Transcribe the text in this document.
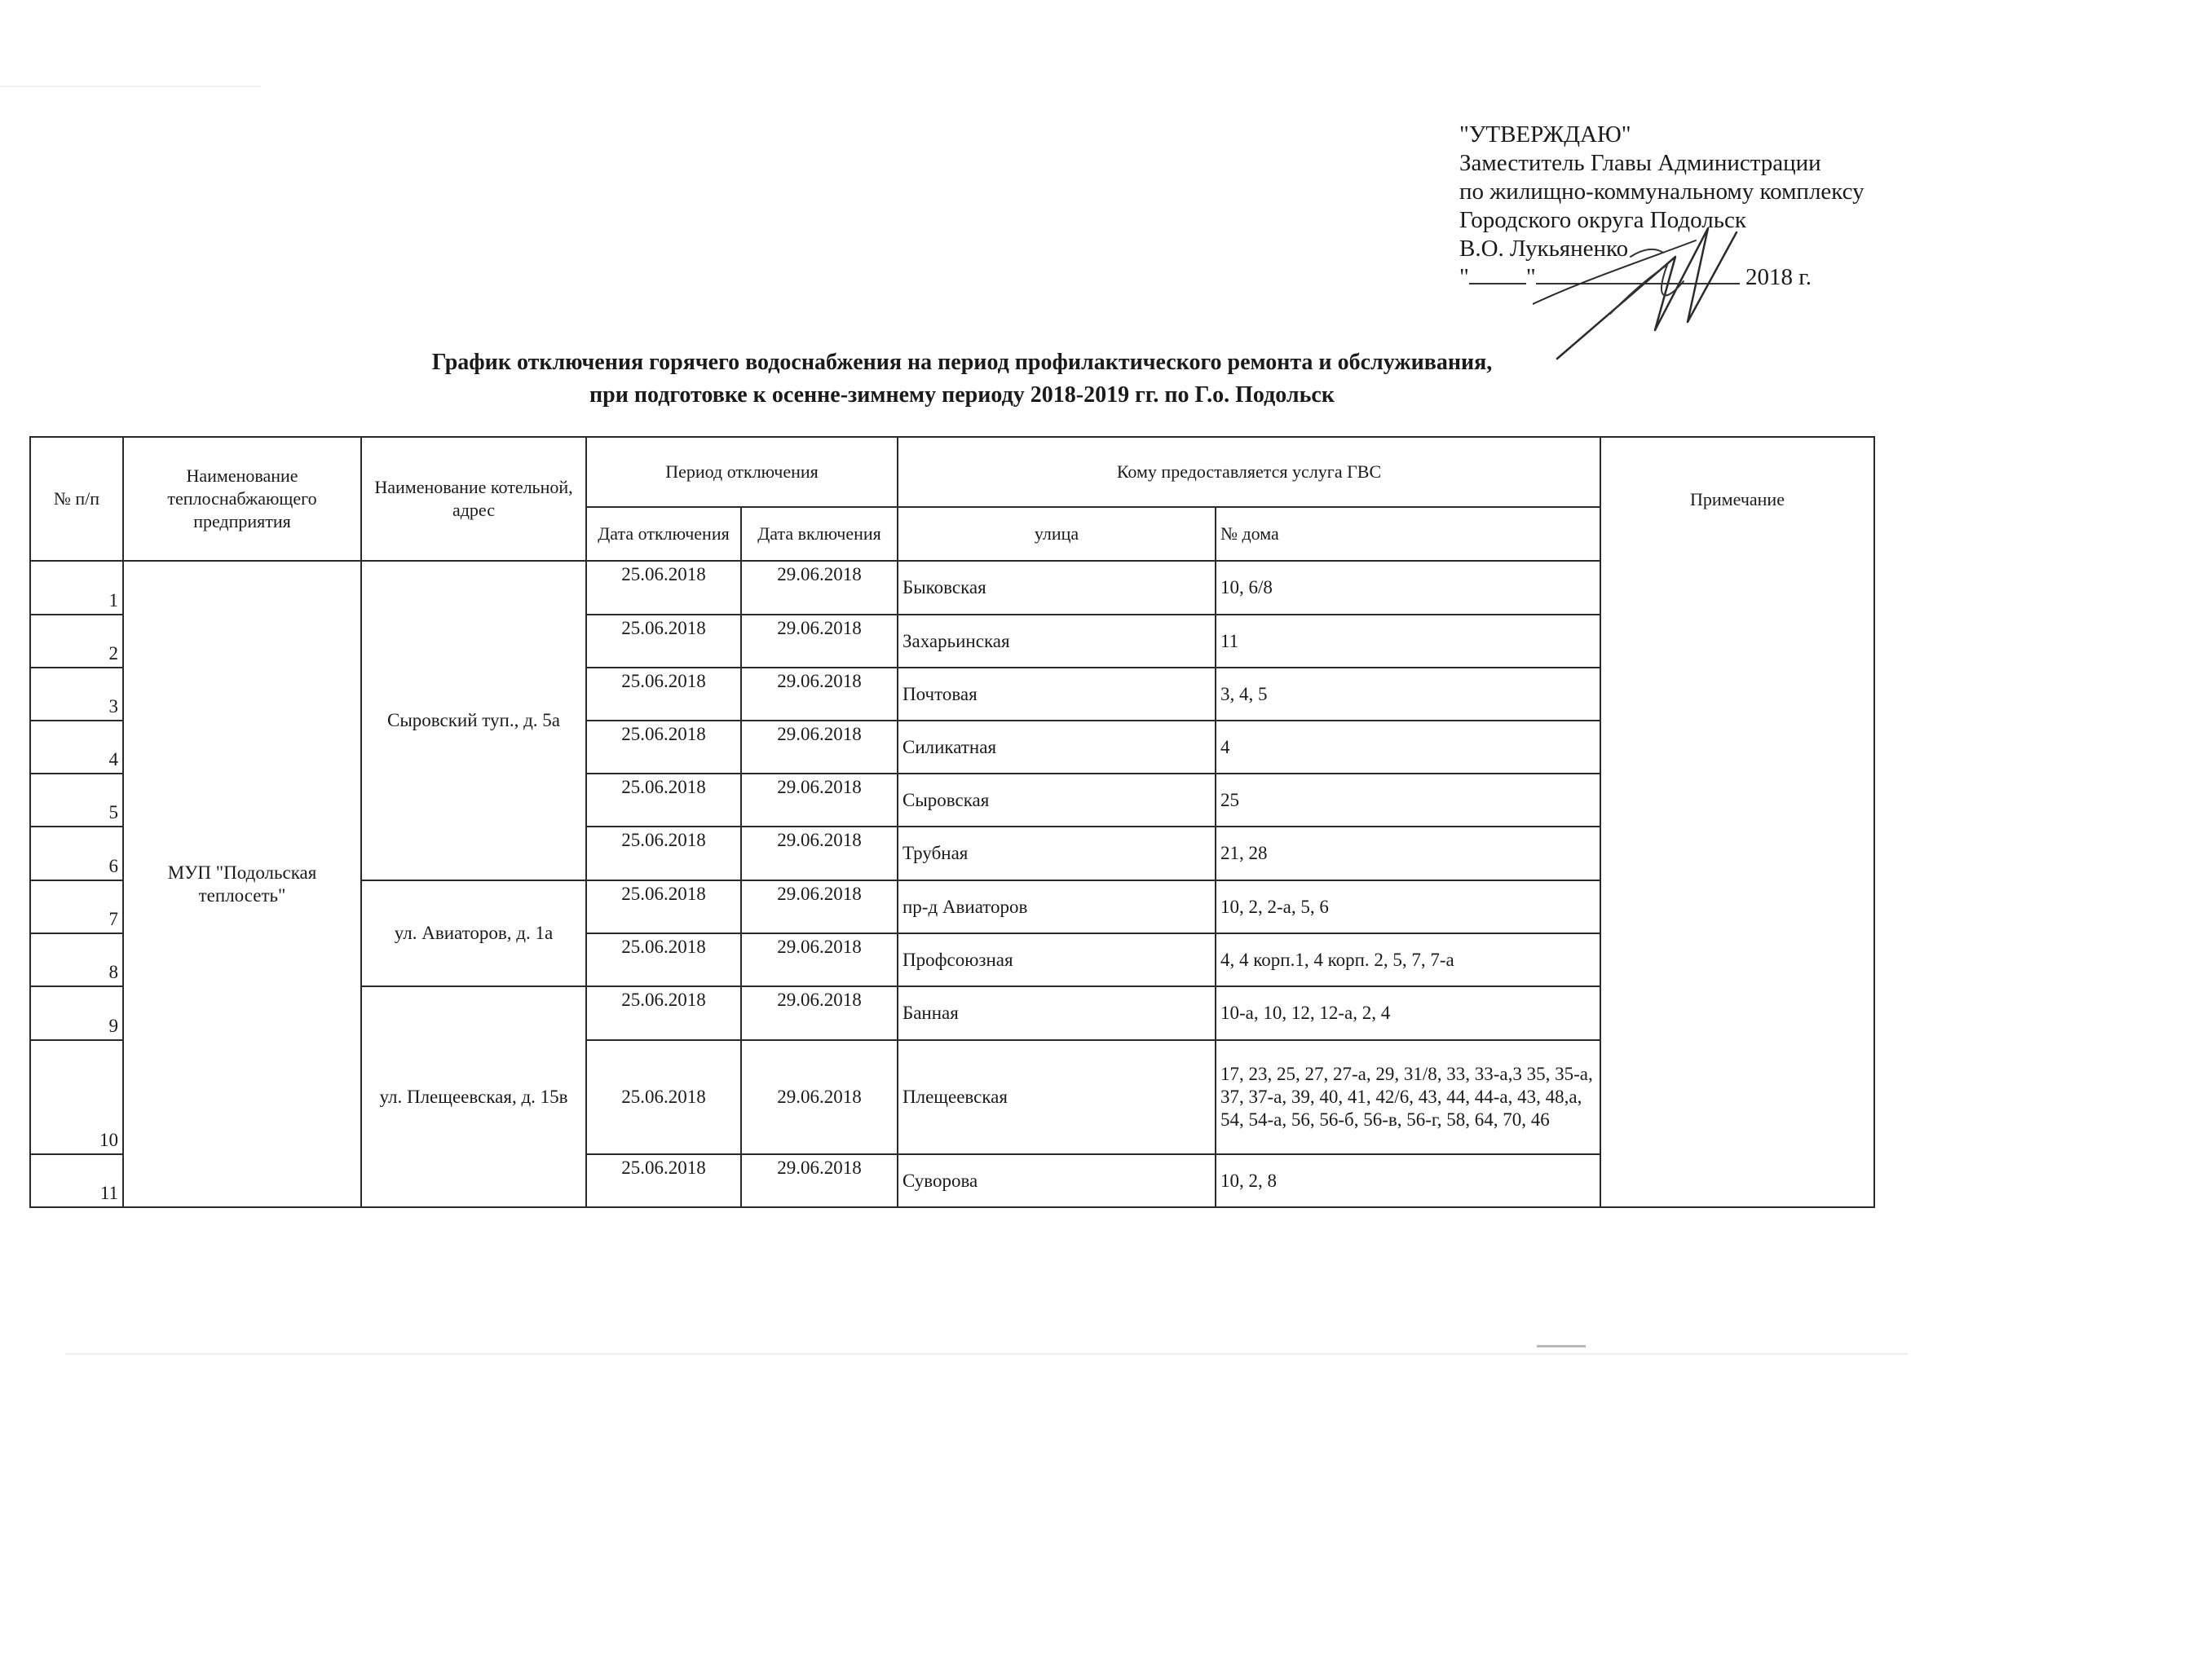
"УТВЕРЖДАЮ"
Заместитель Главы Администрации
по жилищно-коммунальному комплексу
Городского округа Подольск
В.О. Лукьяненко
" "	2018 г.
График отключения горячего водоснабжения на период профилактического ремонта и обслуживания,
при подготовке к осенне-зимнему периоду 2018-2019 гг. по Г.о. Подольск
№ п/п	Наименование теплоснабжающего предприятия	Наименование котельной, адрес	Период отключения		Кому предоставляется услуга ГВС		Примечание
			Дата отключения	Дата включения	улица	№ дома	
1	МУП "Подольская теплосеть"	Сыровский туп., д. 5а	25.06.2018	29.06.2018	Быковская	10, 6/8	
2			25.06.2018	29.06.2018	Захарьинская	11	
3			25.06.2018	29.06.2018	Почтовая	3, 4, 5	
4			25.06.2018	29.06.2018	Силикатная	4	
5			25.06.2018	29.06.2018	Сыровская	25	
6			25.06.2018	29.06.2018	Трубная	21, 28	
7		ул. Авиаторов, д. 1а	25.06.2018	29.06.2018	пр-д Авиаторов	10, 2, 2-а, 5, 6	
8			25.06.2018	29.06.2018	Профсоюзная	4, 4 корп.1, 4 корп. 2, 5, 7, 7-а	
9		ул. Плещеевская, д. 15в	25.06.2018	29.06.2018	Банная	10-а, 10, 12, 12-а, 2, 4	
10			25.06.2018	29.06.2018	Плещеевская	17, 23, 25, 27, 27-а, 29, 31/8, 33, 33-а,3 35, 35-а, 37, 37-а, 39, 40, 41, 42/6, 43, 44, 44-а, 43, 48,а, 54, 54-а, 56, 56-б, 56-в, 56-г, 58, 64, 70, 46	
11			25.06.2018	29.06.2018	Суворова	10, 2, 8	
